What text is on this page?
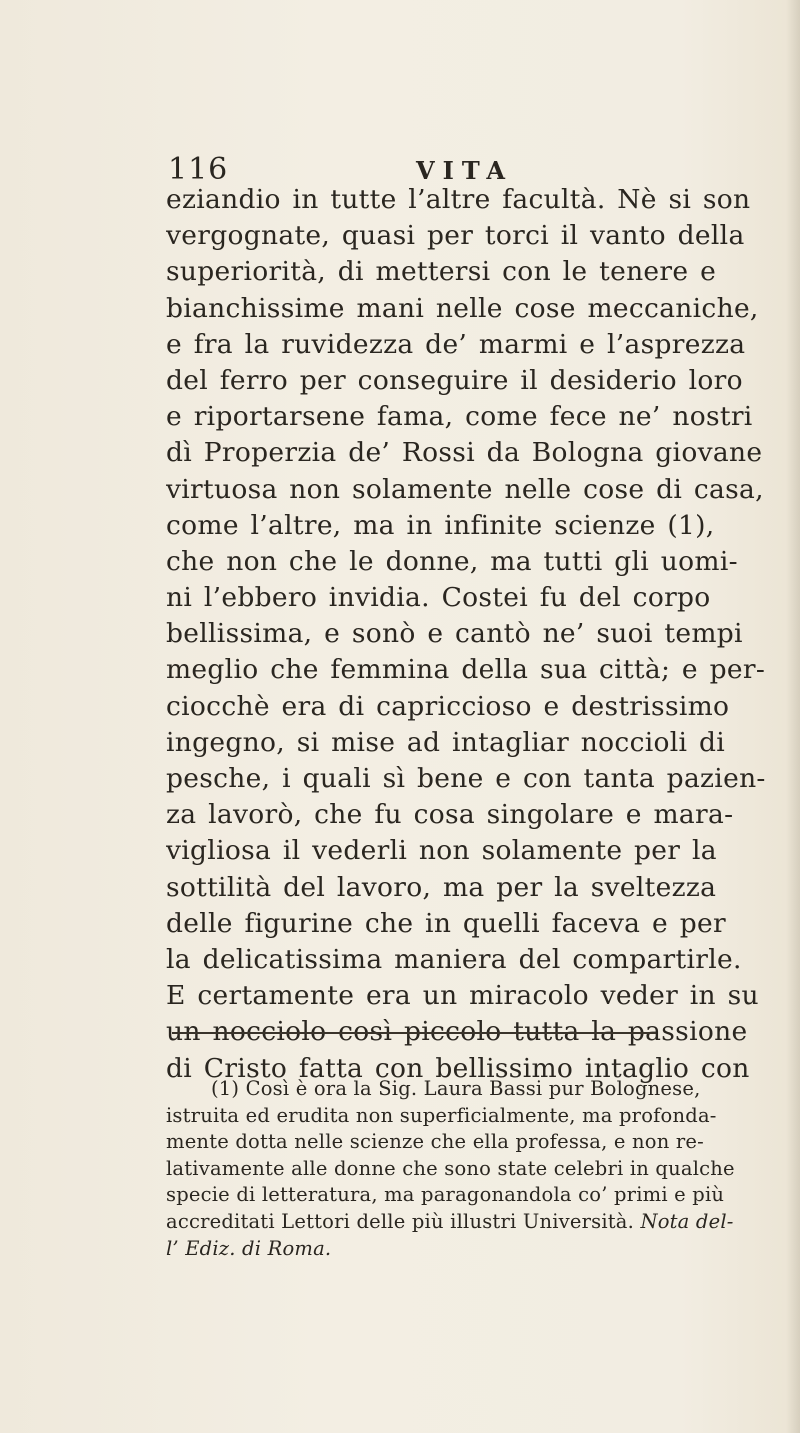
116	VITA
eziandio in tutte l’altre facultà. Nè si son
vergognate, quasi per torci il vanto della
superiorità, di mettersi con le tenere e
bianchissime mani nelle cose meccaniche,
e fra la ruvidezza de’ marmi e l’asprezza
del ferro per conseguire il desiderio loro
e riportarsene fama, come fece ne’ nostri
dì Properzia de’ Rossi da Bologna giovane
virtuosa non solamente nelle cose di casa,
come l’altre, ma in infinite scienze (1),
che non che le donne, ma tutti gli uomi-
ni l’ebbero invidia. Costei fu del corpo
bellissima, e sonò e cantò ne’ suoi tempi
meglio che femmina della sua città; e per-
ciocchè era di capriccioso e destrissimo
ingegno, si mise ad intagliar noccioli di
pesche, i quali sì bene e con tanta pazien-
za lavorò, che fu cosa singolare e mara-
vigliosa il vederli non solamente per la
sottilità del lavoro, ma per la sveltezza
delle figurine che in quelli faceva e per
la delicatissima maniera del compartirle.
E certamente era un miracolo veder in su
un nocciolo così piccolo tutta la passione
di Cristo fatta con bellissimo intaglio con
(1) Così è ora la Sig. Laura Bassi pur Bolognese,
istruita ed erudita non superficialmente, ma profonda-
mente dotta nelle scienze che ella professa, e non re-
lativamente alle donne che sono state celebri in qualche
specie di letteratura, ma paragonandola co’ primi e più
accreditati Lettori delle più illustri Università. Nota del-
l’ Ediz. di Roma.
